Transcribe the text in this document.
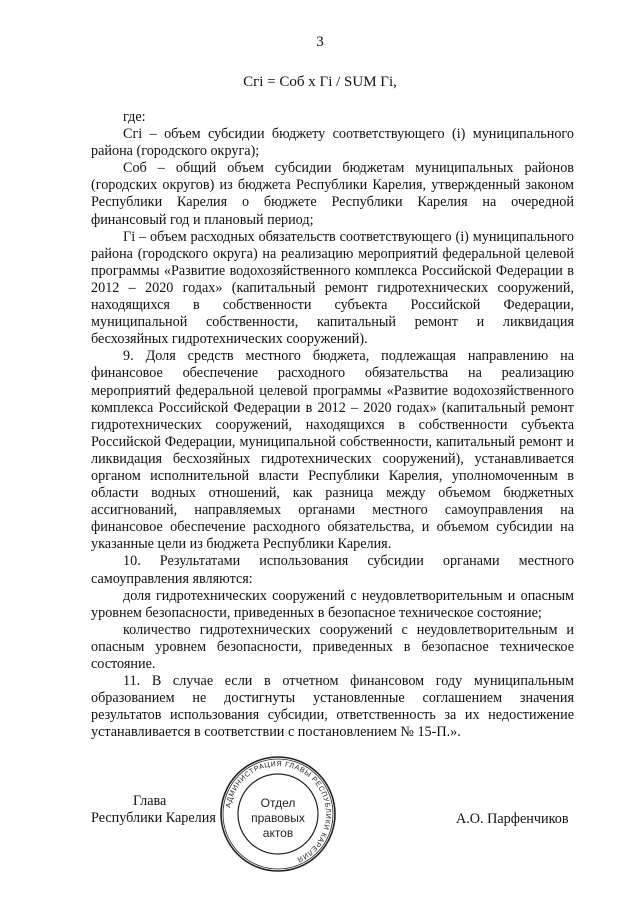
3
Сгi = Соб х Гi / SUM Гi,

где:

Сгi – объем субсидии бюджету соответствующего (i) муниципального района (городского округа);

Соб – общий объем субсидии бюджетам муниципальных районов (городских округов) из бюджета Республики Карелия, утвержденный законом Республики Карелия о бюджете Республики Карелия на очередной финансовый год и плановый период;

Гi – объем расходных обязательств соответствующего (i) муниципального района (городского округа) на реализацию мероприятий федеральной целевой программы «Развитие водохозяйственного комплекса Российской Федерации в 2012 – 2020 годах» (капитальный ремонт гидротехнических сооружений, находящихся в собственности субъекта Российской Федерации, муниципальной собственности, капитальный ремонт и ликвидация бесхозяйных гидротехнических сооружений).

9. Доля средств местного бюджета, подлежащая направлению на финансовое обеспечение расходного обязательства на реализацию мероприятий федеральной целевой программы «Развитие водохозяйственного комплекса Российской Федерации в 2012 – 2020 годах» (капитальный ремонт гидротехнических сооружений, находящихся в собственности субъекта Российской Федерации, муниципальной собственности, капитальный ремонт и ликвидация бесхозяйных гидротехнических сооружений), устанавливается органом исполнительной власти Республики Карелия, уполномоченным в области водных отношений, как разница между объемом бюджетных ассигнований, направляемых органами местного самоуправления на финансовое обеспечение расходного обязательства, и объемом субсидии на указанные цели из бюджета Республики Карелия.

10. Результатами использования субсидии органами местного самоуправления являются:

доля гидротехнических сооружений с неудовлетворительным и опасным уровнем безопасности, приведенных в безопасное техническое состояние;

количество гидротехнических сооружений с неудовлетворительным и опасным уровнем безопасности, приведенных в безопасное техническое состояние.

11. В случае если в отчетном финансовом году муниципальным образованием не достигнуты установленные соглашением значения результатов использования субсидии, ответственность за их недостижение устанавливается в соответствии с постановлением № 15-П.».

Глава
Республики Карелия
АДМИНИСТРАЦИЯ ГЛАВЫ РЕСПУБЛИКИ КАРЕЛИЯ
Отдел
правовых
актов
А.О. Парфенчиков
